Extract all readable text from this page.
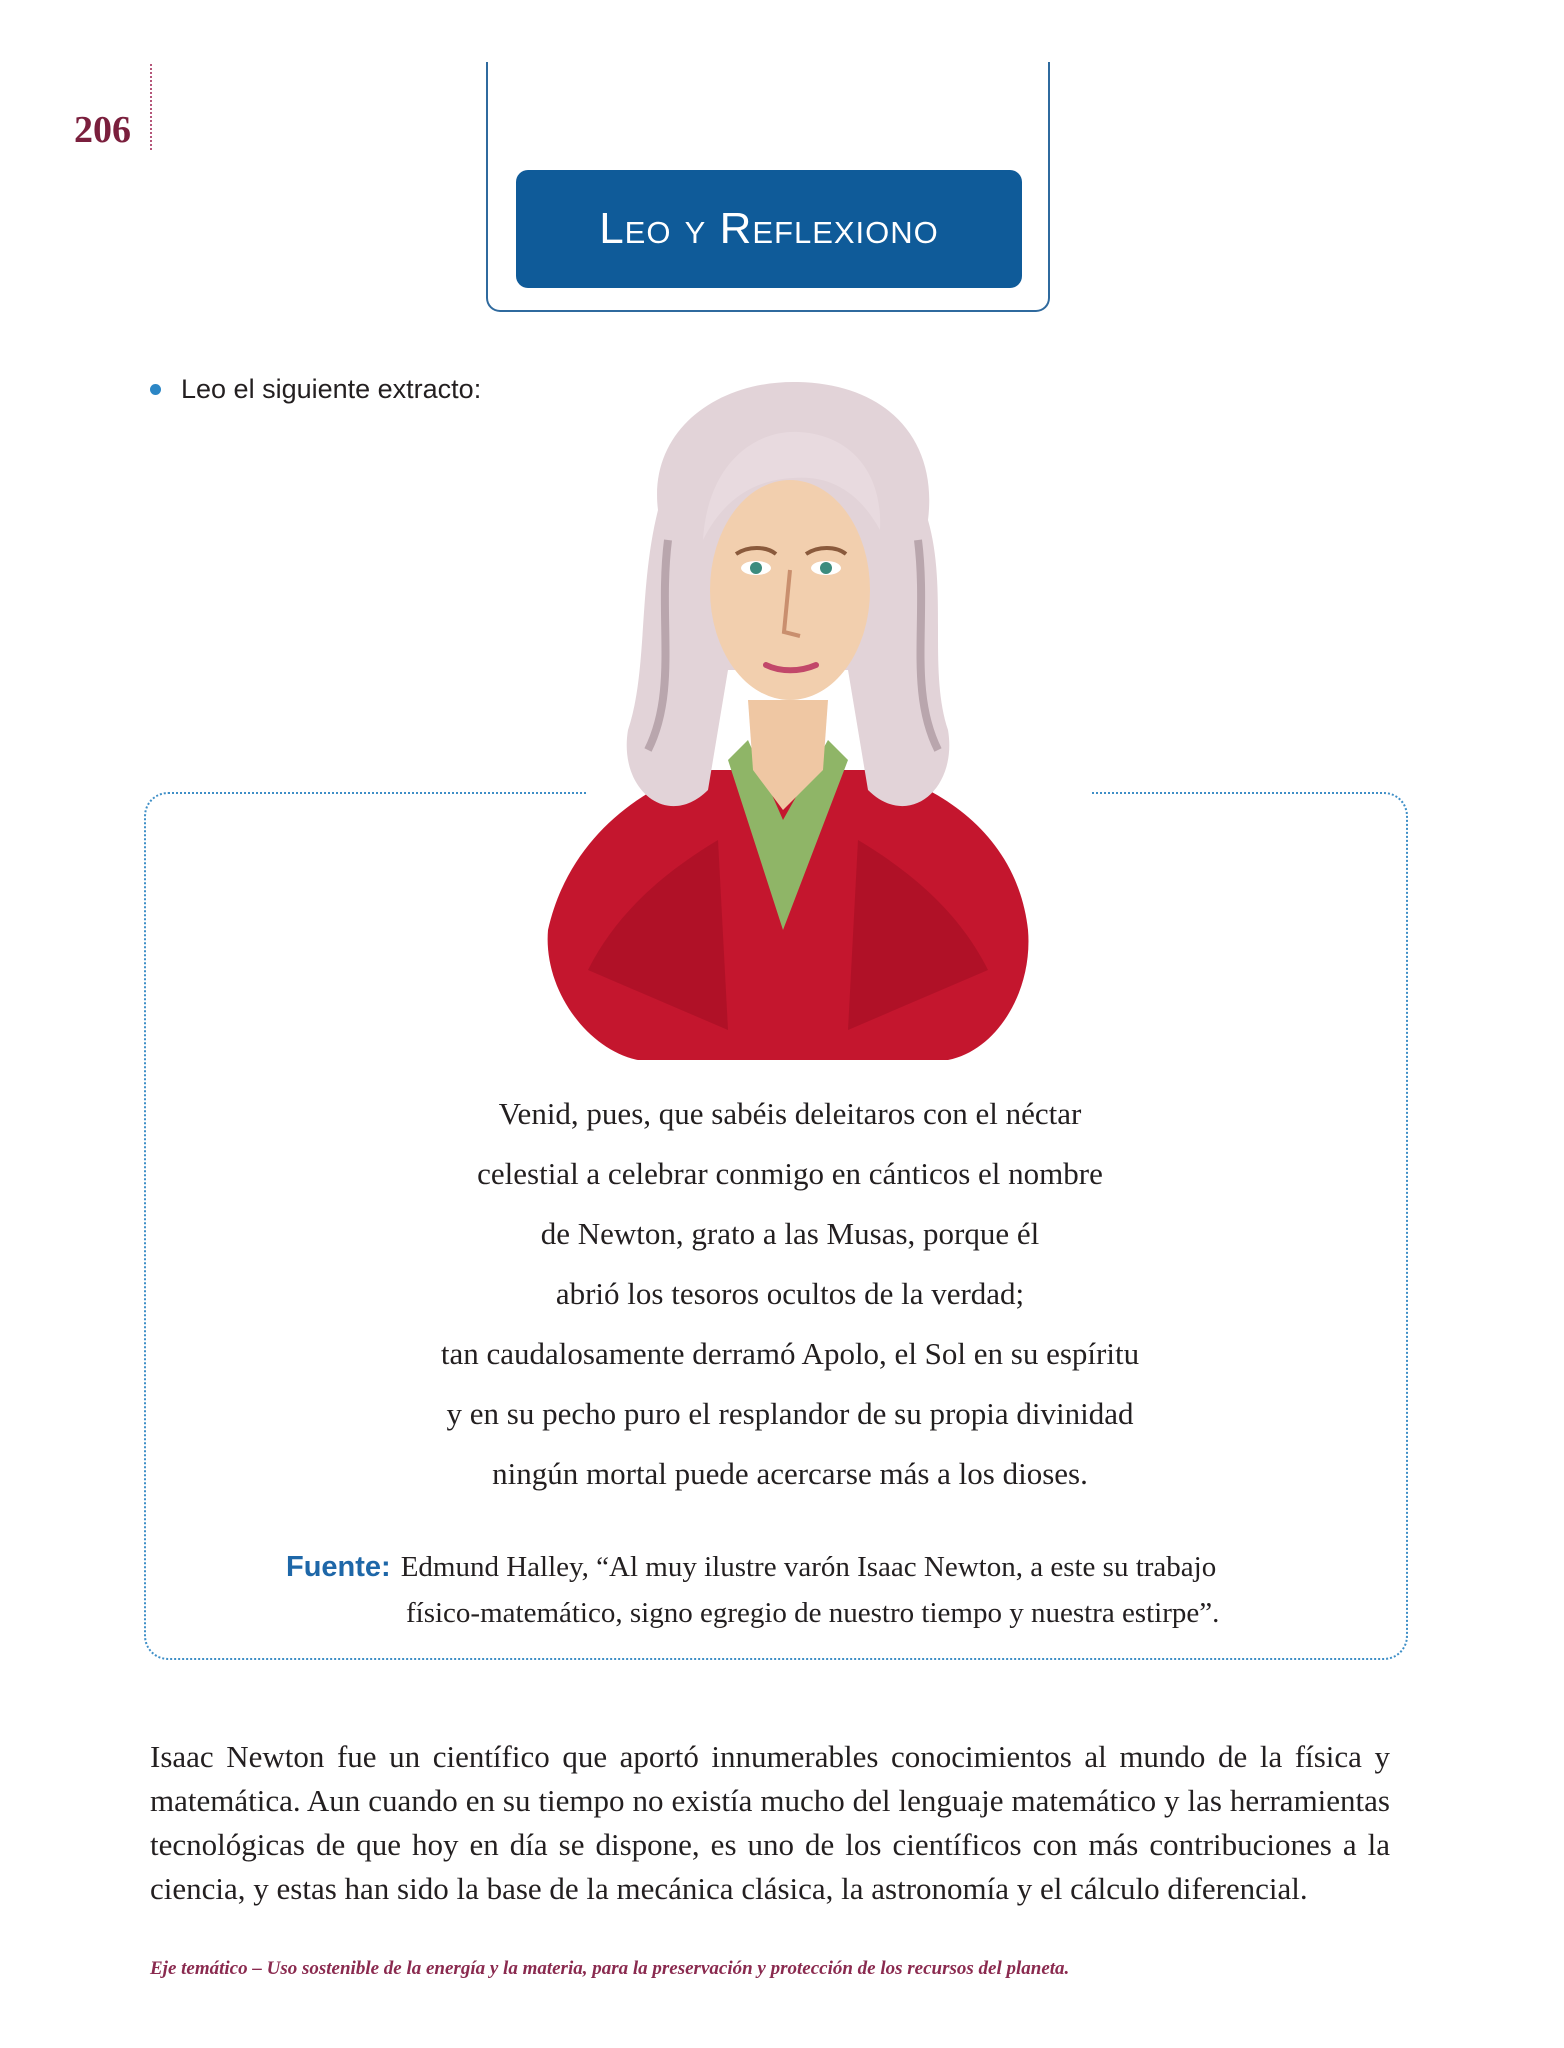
206
Leo y Reflexiono
Leo el siguiente extracto:
Venid, pues, que sabéis deleitaros con el néctar
celestial a celebrar conmigo en cánticos el nombre
de Newton, grato a las Musas, porque él
abrió los tesoros ocultos de la verdad;
tan caudalosamente derramó Apolo, el Sol en su espíritu
y en su pecho puro el resplandor de su propia divinidad
ningún mortal puede acercarse más a los dioses.
Fuente: Edmund Halley, “Al muy ilustre varón Isaac Newton, a este su trabajo
físico-matemático, signo egregio de nuestro tiempo y nuestra estirpe”.

Isaac Newton fue un científico que aportó innumerables conocimientos al mundo de la física y matemática. Aun cuando en su tiempo no existía mucho del lenguaje matemático y las herramientas tecnológicas de que hoy en día se dispone, es uno de los científicos con más contribuciones a la ciencia, y estas han sido la base de la mecánica clásica, la astronomía y el cálculo diferencial.

Eje temático – Uso sostenible de la energía y la materia, para la preservación y protección de los recursos del planeta.
